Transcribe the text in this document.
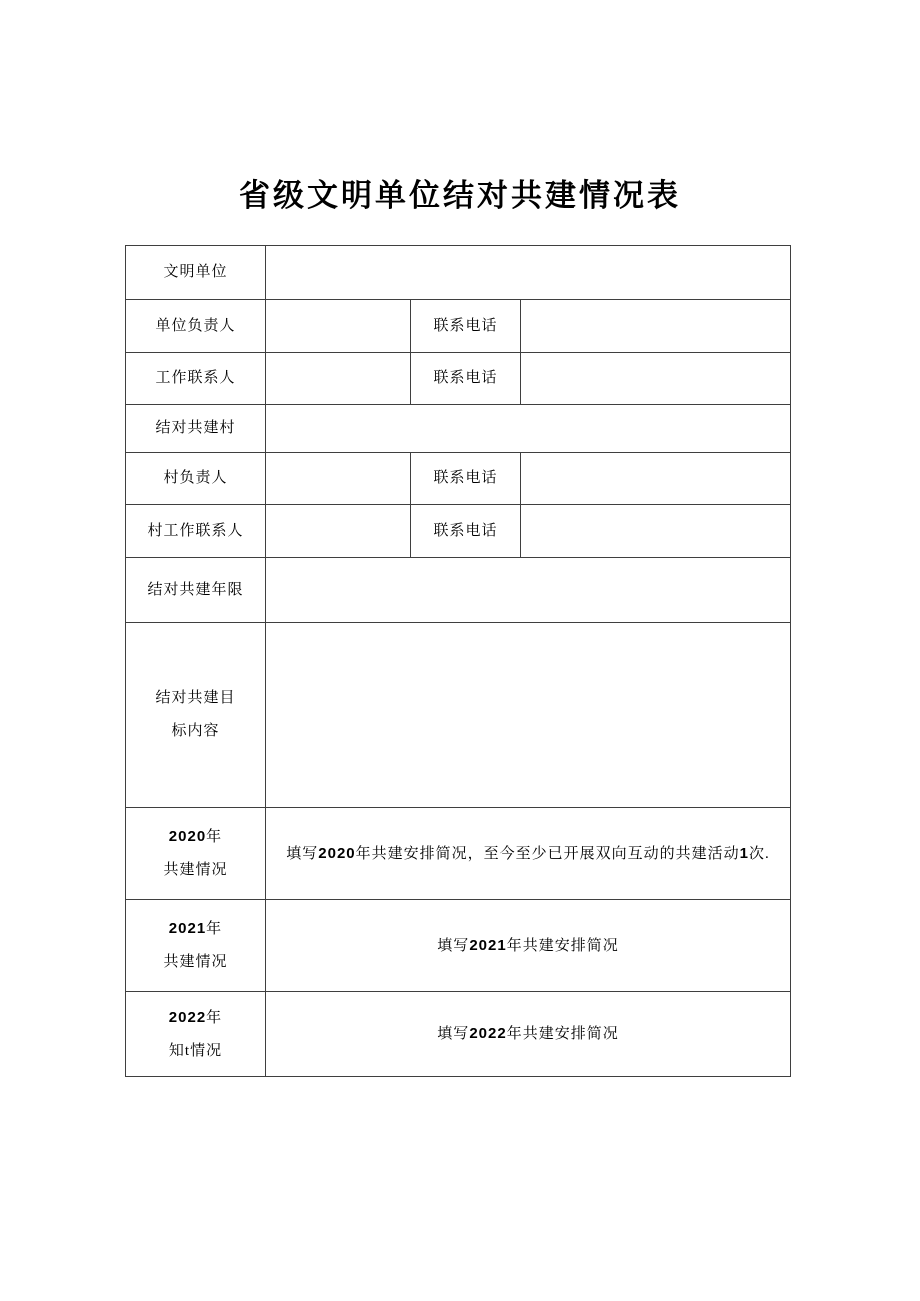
省级文明单位结对共建情况表
文明单位			
单位负责人		联系电话	
工作联系人		联系电话	
结对共建村			
村负责人		联系电话	
村工作联系人		联系电话	
结对共建年限			

结对共建目
标内容			

2020年
共建情况	填写2020年共建安排简况，至今至少已开展双向互动的共建活动1次.		

2021年
共建情况	填写2021年共建安排简况		

2022年
知t情况	填写2022年共建安排简况		
